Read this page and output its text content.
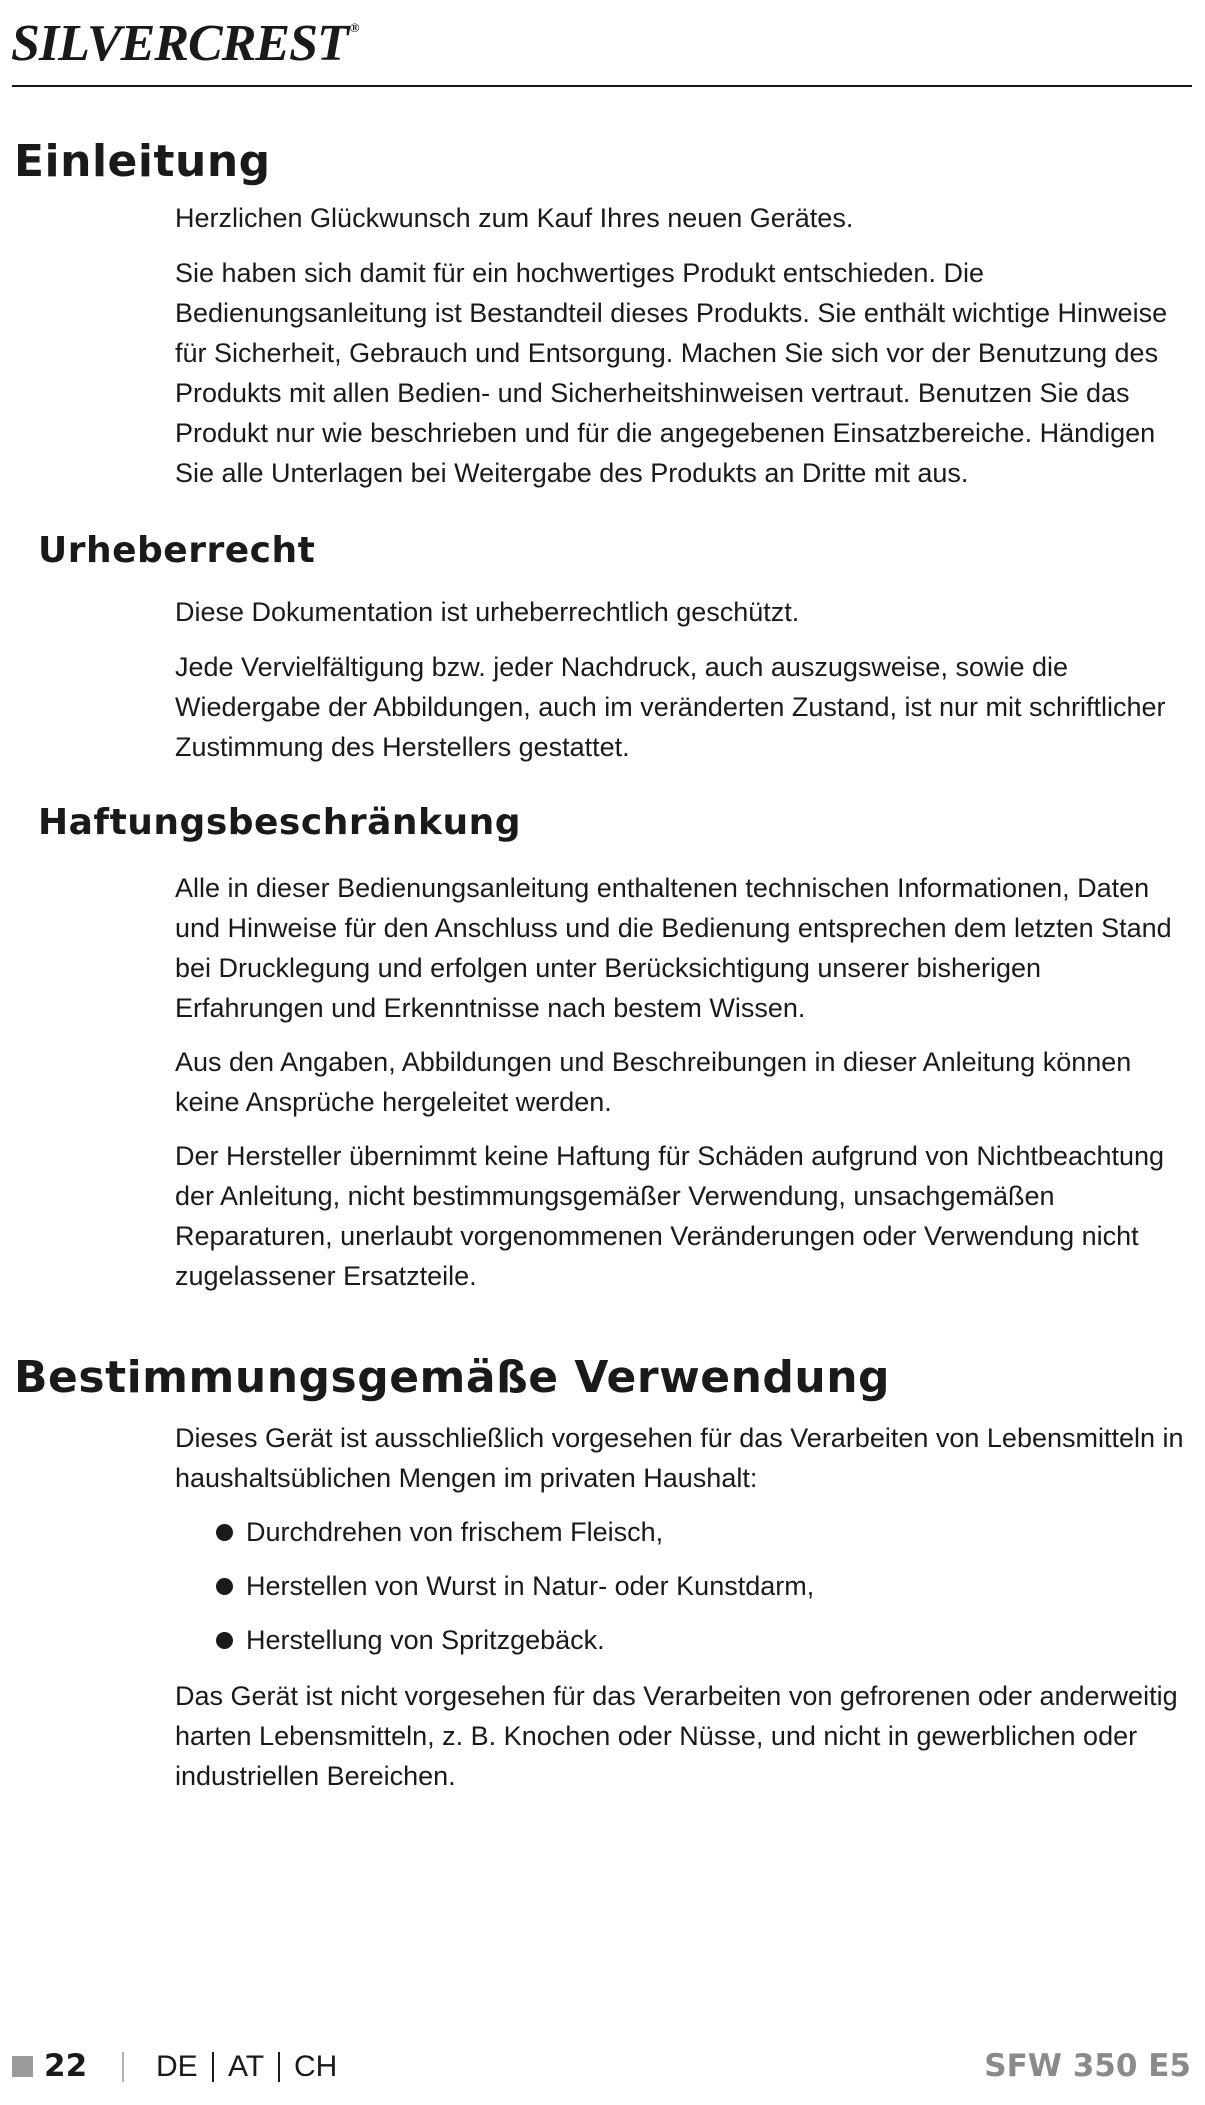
SILVERCREST ®
Einleitung

Herzlichen Glückwunsch zum Kauf Ihres neuen Gerätes.

Sie haben sich damit für ein hochwertiges Produkt entschieden. Die Bedienungsanleitung ist Bestandteil dieses Produkts. Sie enthält wichtige Hinweise für Sicherheit, Gebrauch und Entsorgung. Machen Sie sich vor der Benutzung des Produkts mit allen Bedien- und Sicherheitshinweisen vertraut. Benutzen Sie das Produkt nur wie beschrieben und für die angegebenen Einsatzbereiche. Händigen Sie alle Unterlagen bei Weitergabe des Produkts an Dritte mit aus.

Urheberrecht

Diese Dokumentation ist urheberrechtlich geschützt.

Jede Vervielfältigung bzw. jeder Nachdruck, auch auszugsweise, sowie die Wiedergabe der Abbildungen, auch im veränderten Zustand, ist nur mit schriftlicher Zustimmung des Herstellers gestattet.

Haftungsbeschränkung

Alle in dieser Bedienungsanleitung enthaltenen technischen Informationen, Daten und Hinweise für den Anschluss und die Bedienung entsprechen dem letzten Stand bei Drucklegung und erfolgen unter Berücksichtigung unserer bisherigen Erfahrungen und Erkenntnisse nach bestem Wissen.

Aus den Angaben, Abbildungen und Beschreibungen in dieser Anleitung können keine Ansprüche hergeleitet werden.

Der Hersteller übernimmt keine Haftung für Schäden aufgrund von Nichtbeachtung der Anleitung, nicht bestimmungsgemäßer Verwendung, unsachgemäßen Reparaturen, unerlaubt vorgenommenen Veränderungen oder Verwendung nicht zugelassener Ersatzteile.

Bestimmungsgemäße Verwendung

Dieses Gerät ist ausschließlich vorgesehen für das Verarbeiten von Lebensmitteln in haushaltsüblichen Mengen im privaten Haushalt:

Durchdrehen von frischem Fleisch,
Herstellen von Wurst in Natur- oder Kunstdarm,
Herstellung von Spritzgebäck.

Das Gerät ist nicht vorgesehen für das Verarbeiten von gefrorenen oder anderweitig harten Lebensmitteln, z. B. Knochen oder Nüsse, und nicht in gewerblichen oder industriellen Bereichen.

22 DE AT CH	SFW 350 E5
